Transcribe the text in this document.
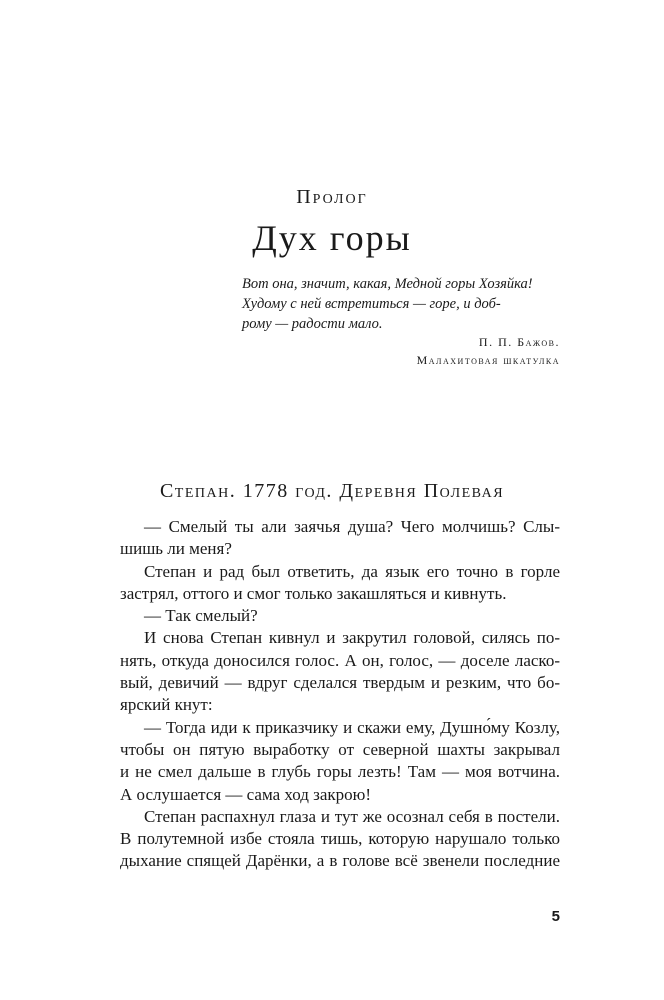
Пролог
Дух горы
Вот она, значит, какая, Медной горы Хозяйка!
Худому с ней встретиться — горе, и доб-
рому — радости мало.
П. П. Бажов.
Малахитовая шкатулка
Степан. 1778 год. Деревня Полевая
— Смелый ты али заячья душа? Чего молчишь? Слы-
шишь ли меня?
Степан и рад был ответить, да язык его точно в горле
застрял, оттого и смог только закашляться и кивнуть.
— Так смелый?
И снова Степан кивнул и закрутил головой, силясь по-
нять, откуда доносился голос. А он, голос, — доселе ласко-
вый, девичий — вдруг сделался твердым и резким, что бо-
ярский кнут:
— Тогда иди к приказчику и скажи ему, Душно́му Козлу,
чтобы он пятую выработку от северной шахты закрывал
и не смел дальше в глубь горы лезть! Там — моя вотчина.
А ослушается — сама ход закрою!
Степан распахнул глаза и тут же осознал себя в постели.
В полутемной избе стояла тишь, которую нарушало только
дыхание спящей Дарёнки, а в голове всё звенели последние
5
